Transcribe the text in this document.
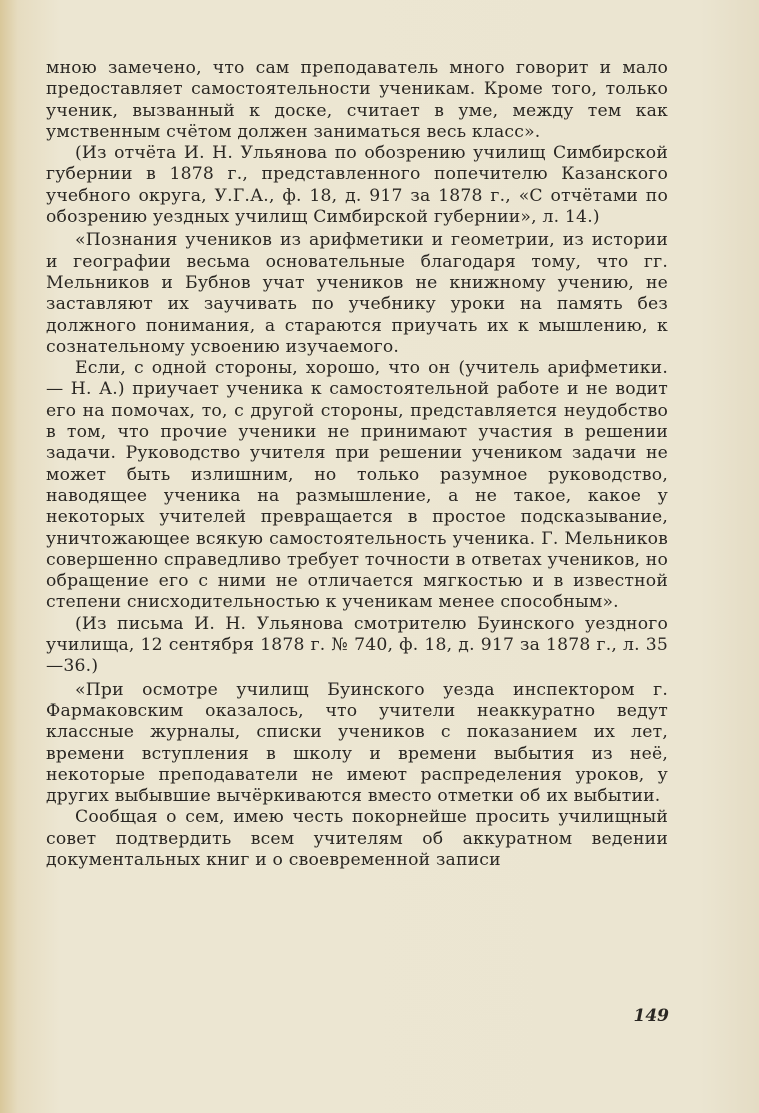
мною замечено, что сам преподаватель много говорит и мало предоставляет самостоятельности ученикам. Кроме того, только ученик, вызванный к доске, считает в уме, между тем как умственным счётом должен заниматься весь класс».

(Из отчёта И. Н. Ульянова по обозрению училищ Симбирской губернии в 1878 г., представленного попечителю Казанского учебного округа, У.Г.А., ф. 18, д. 917 за 1878 г., «С отчётами по обозрению уездных училищ Симбирской губернии», л. 14.)

«Познания учеников из арифметики и геометрии, из истории и географии весьма основательные благодаря тому, что гг. Мельников и Бубнов учат учеников не книжному учению, не заставляют их заучивать по учебнику уроки на память без должного понимания, а стараются приучать их к мышлению, к сознательному усвоению изучаемого.

Если, с одной стороны, хорошо, что он (учитель арифметики. — Н. А.) приучает ученика к самостоятельной работе и не водит его на помочах, то, с другой стороны, представляется неудобство в том, что прочие ученики не принимают участия в решении задачи. Руководство учителя при решении учеником задачи не может быть излишним, но только разумное руководство, наводящее ученика на размышление, а не такое, какое у некоторых учителей превращается в простое подсказывание, уничтожающее всякую самостоятельность ученика. Г. Мельников совершенно справедливо требует точности в ответах учеников, но обращение его с ними не отличается мягкостью и в известной степени снисходительностью к ученикам менее способным».

(Из письма И. Н. Ульянова смотрителю Буинского уездного училища, 12 сентября 1878 г. № 740, ф. 18, д. 917 за 1878 г., л. 35—36.)

«При осмотре училищ Буинского уезда инспектором г. Фармаковским оказалось, что учители неаккуратно ведут классные журналы, списки учеников с показанием их лет, времени вступления в школу и времени выбытия из неё, некоторые преподаватели не имеют распределения уроков, у других выбывшие вычёркиваются вместо отметки об их выбытии.

Сообщая о сем, имею честь покорнейше просить училищный совет подтвердить всем учителям об аккуратном ведении документальных книг и о своевременной записи

149
